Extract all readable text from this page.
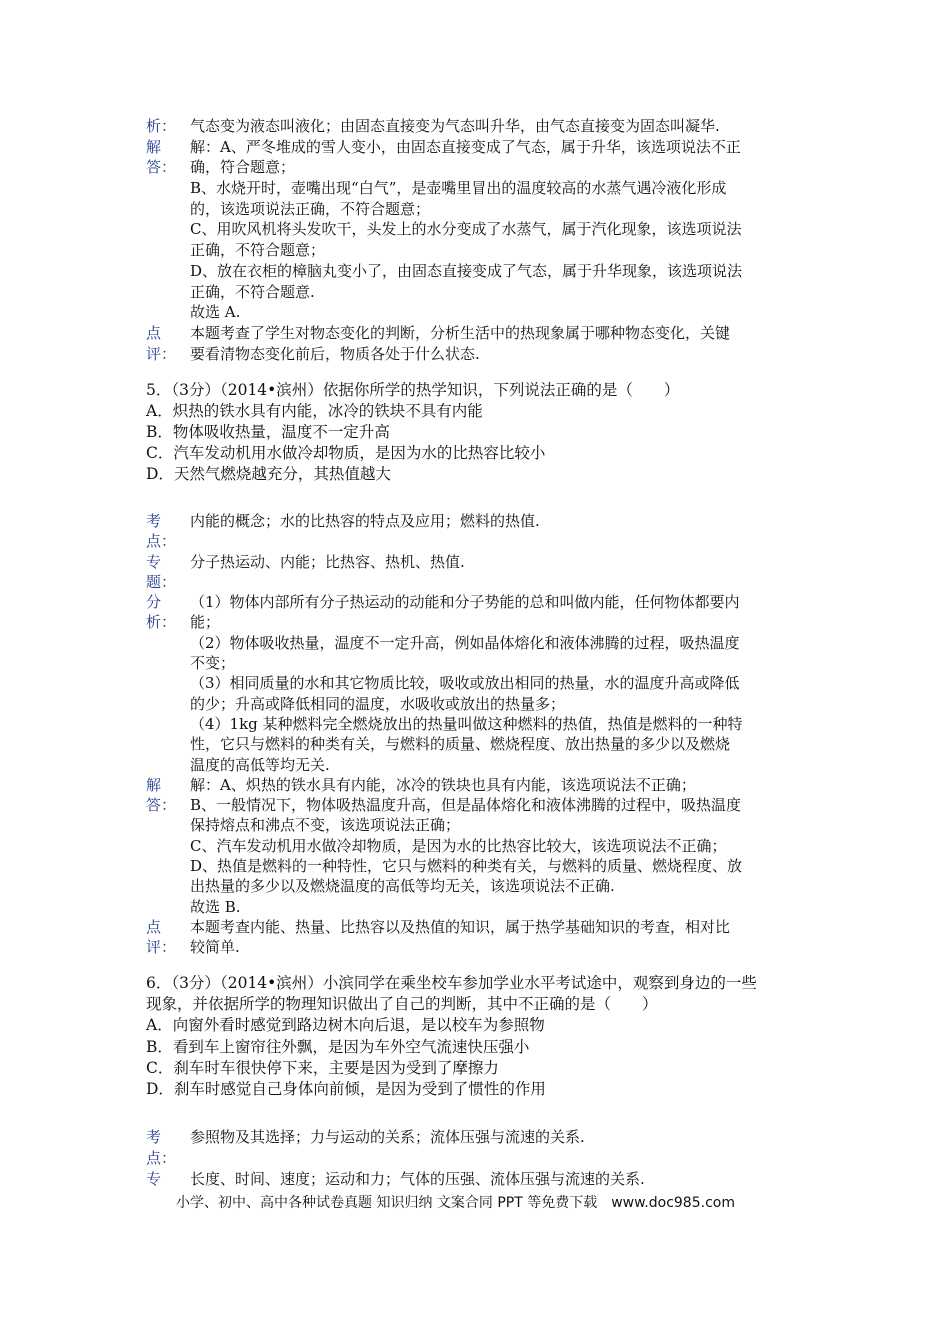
析： 气态变为液态叫液化；由固态直接变为气态叫升华，由气态直接变为固态叫凝华.
解	解：A、严冬堆成的雪人变小，由固态直接变成了气态，属于升华，该选项说法不正
答： 确，符合题意；
B、水烧开时，壶嘴出现“白气”，是壶嘴里冒出的温度较高的水蒸气遇冷液化形成
的，该选项说法正确，不符合题意；
C、用吹风机将头发吹干，头发上的水分变成了水蒸气，属于汽化现象，该选项说法
正确，不符合题意；
D、放在衣柜的樟脑丸变小了，由固态直接变成了气态，属于升华现象，该选项说法
正确，不符合题意.
故选 A.
点	本题考查了学生对物态变化的判断，分析生活中的热现象属于哪种物态变化，关键
评： 要看清物态变化前后，物质各处于什么状态.
5．（3分）（2014•滨州）依据你所学的热学知识，下列说法正确的是（　　）
A．炽热的铁水具有内能，冰冷的铁块不具有内能
B．物体吸收热量，温度不一定升高
C．汽车发动机用水做冷却物质，是因为水的比热容比较小
D．天然气燃烧越充分，其热值越大
考	内能的概念；水的比热容的特点及应用；燃料的热值.
点：
专	分子热运动、内能；比热容、热机、热值.
题：
分	（1）物体内部所有分子热运动的动能和分子势能的总和叫做内能，任何物体都要内
析： 能；
（2）物体吸收热量，温度不一定升高，例如晶体熔化和液体沸腾的过程，吸热温度
不变；
（3）相同质量的水和其它物质比较，吸收或放出相同的热量，水的温度升高或降低
的少；升高或降低相同的温度，水吸收或放出的热量多；
（4）1kg 某种燃料完全燃烧放出的热量叫做这种燃料的热值，热值是燃料的一种特
性，它只与燃料的种类有关，与燃料的质量、燃烧程度、放出热量的多少以及燃烧
温度的高低等均无关.
解	解：A、炽热的铁水具有内能，冰冷的铁块也具有内能，该选项说法不正确；
答： B、一般情况下，物体吸热温度升高，但是晶体熔化和液体沸腾的过程中，吸热温度
保持熔点和沸点不变，该选项说法正确；
C、汽车发动机用水做冷却物质，是因为水的比热容比较大，该选项说法不正确；
D、热值是燃料的一种特性，它只与燃料的种类有关，与燃料的质量、燃烧程度、放
出热量的多少以及燃烧温度的高低等均无关，该选项说法不正确.
故选 B.
点	本题考查内能、热量、比热容以及热值的知识，属于热学基础知识的考查，相对比
评： 较简单.
6．（3分）（2014•滨州）小滨同学在乘坐校车参加学业水平考试途中，观察到身边的一些
现象，并依据所学的物理知识做出了自己的判断，其中不正确的是（　　）
A．向窗外看时感觉到路边树木向后退，是以校车为参照物
B．看到车上窗帘往外飘，是因为车外空气流速快压强小
C．刹车时车很快停下来，主要是因为受到了摩擦力
D．刹车时感觉自己身体向前倾，是因为受到了惯性的作用
考	参照物及其选择；力与运动的关系；流体压强与流速的关系.
点：
专	长度、时间、速度；运动和力；气体的压强、流体压强与流速的关系.
小学、初中、高中各种试卷真题 知识归纳 文案合同 PPT 等免费下载　www.doc985.com
